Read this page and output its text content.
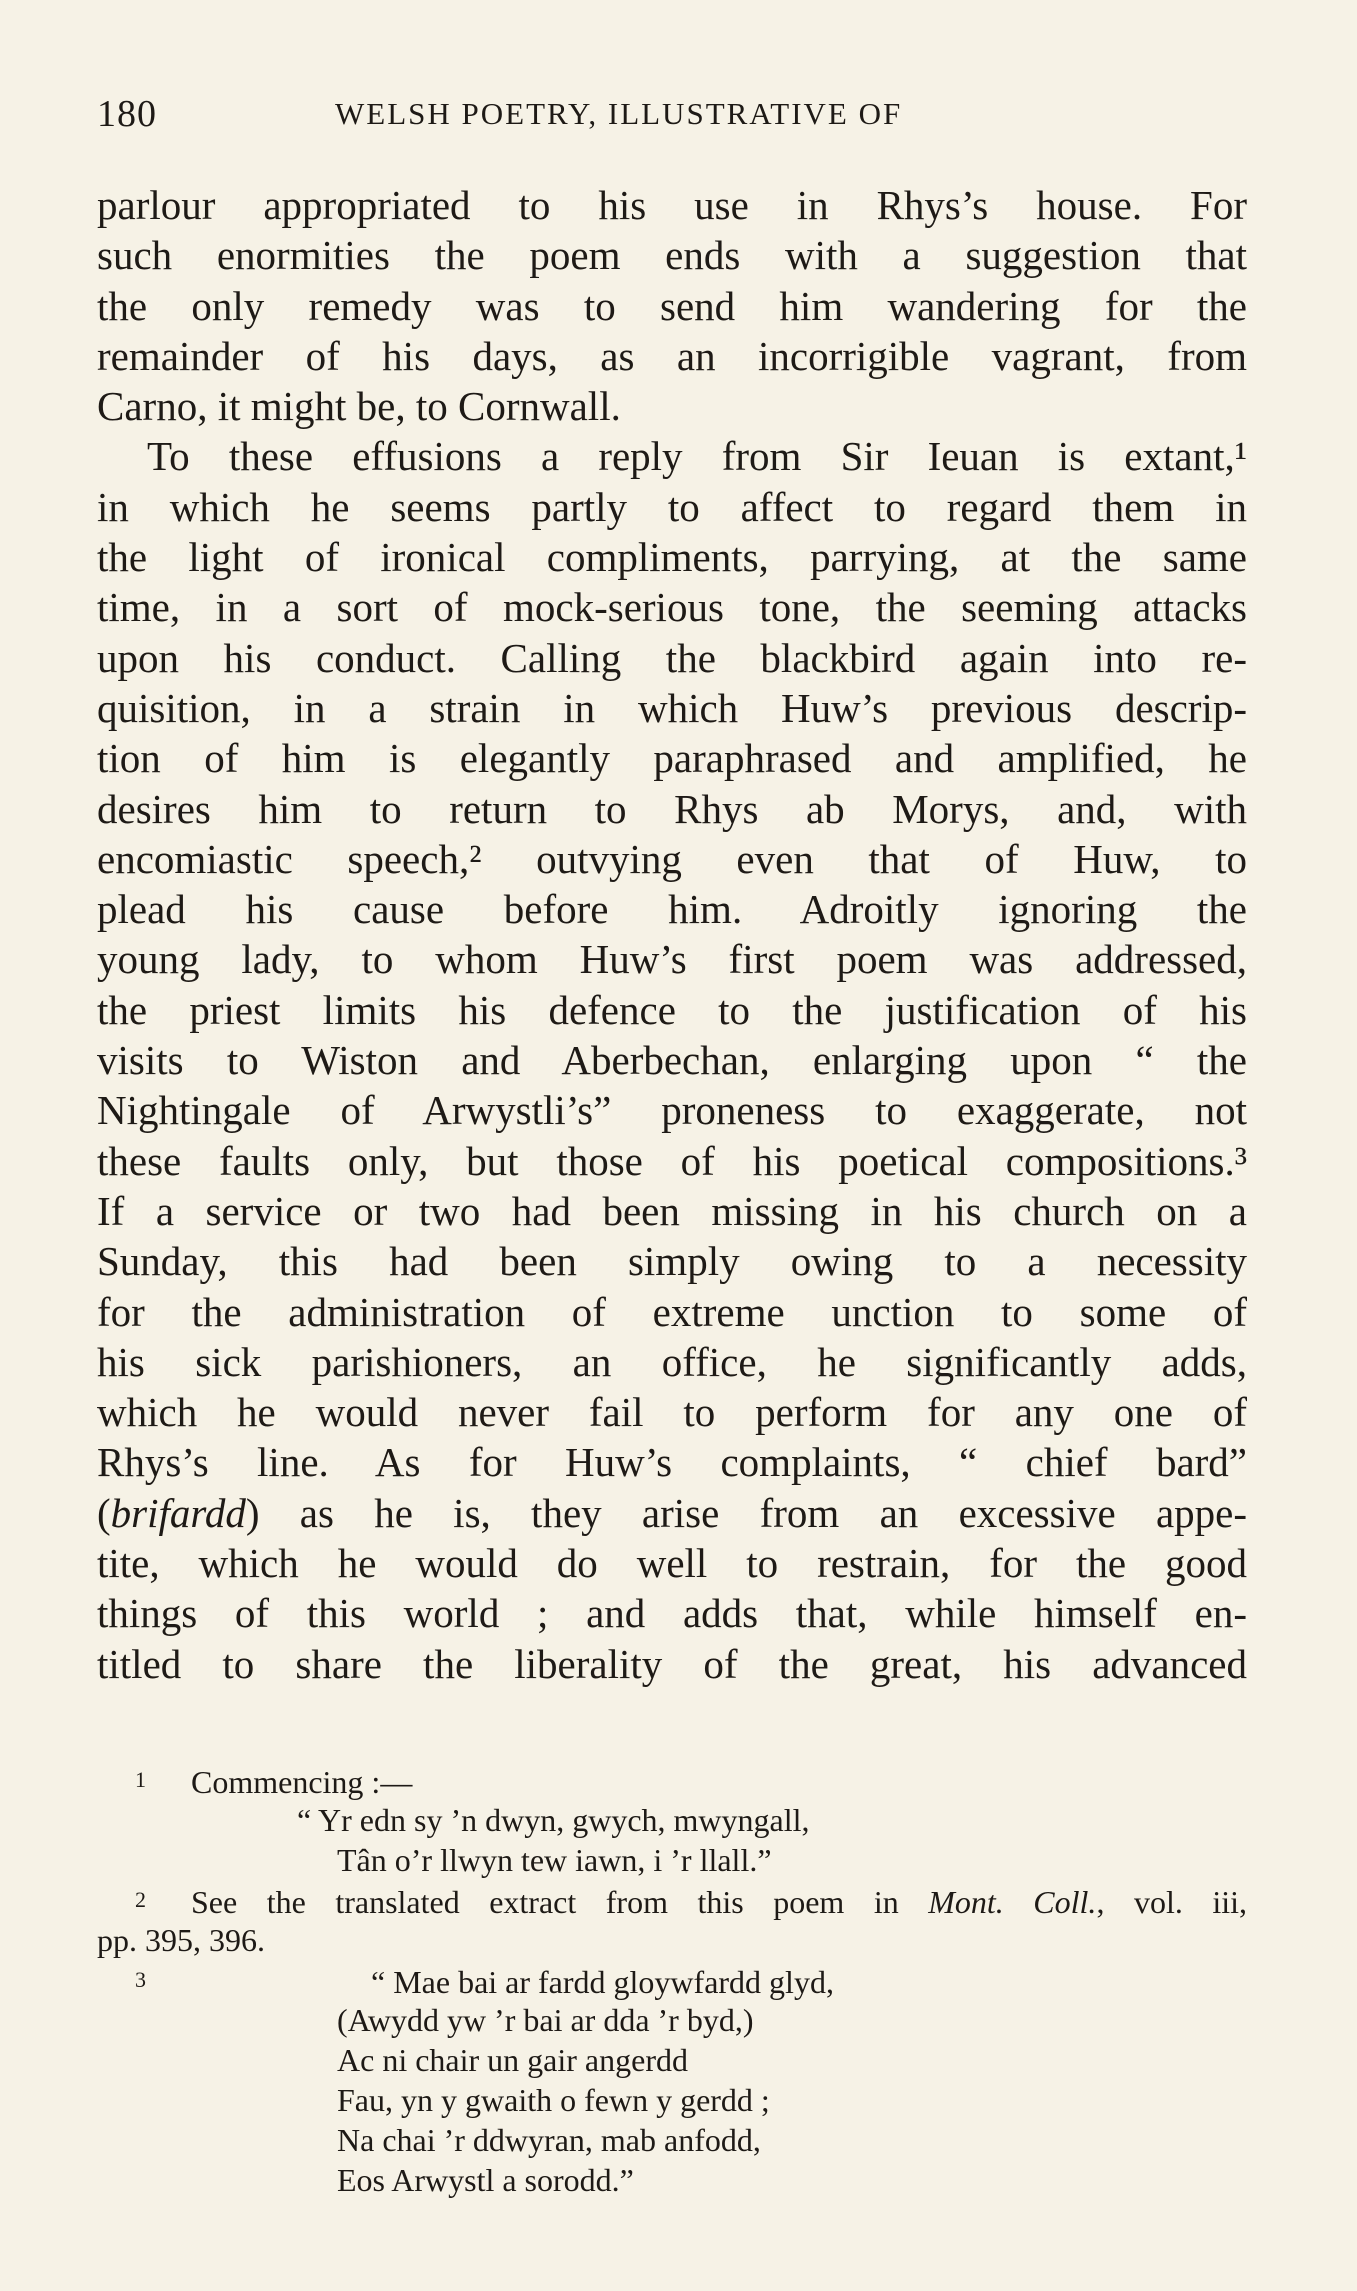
180	WELSH POETRY, ILLUSTRATIVE OF
parlour appropriated to his use in Rhys’s house. For
such enormities the poem ends with a suggestion that
the only remedy was to send him wandering for the
remainder of his days, as an incorrigible vagrant, from
Carno, it might be, to Cornwall.
To these effusions a reply from Sir Ieuan is extant,¹
in which he seems partly to affect to regard them in
the light of ironical compliments, parrying, at the same
time, in a sort of mock-serious tone, the seeming attacks
upon his conduct. Calling the blackbird again into re-
quisition, in a strain in which Huw’s previous descrip-
tion of him is elegantly paraphrased and amplified, he
desires him to return to Rhys ab Morys, and, with
encomiastic speech,² outvying even that of Huw, to
plead his cause before him. Adroitly ignoring the
young lady, to whom Huw’s first poem was addressed,
the priest limits his defence to the justification of his
visits to Wiston and Aberbechan, enlarging upon “ the
Nightingale of Arwystli’s” proneness to exaggerate, not
these faults only, but those of his poetical compositions.³
If a service or two had been missing in his church on a
Sunday, this had been simply owing to a necessity
for the administration of extreme unction to some of
his sick parishioners, an office, he significantly adds,
which he would never fail to perform for any one of
Rhys’s line. As for Huw’s complaints, “ chief bard”
(brifardd) as he is, they arise from an excessive appe-
tite, which he would do well to restrain, for the good
things of this world ; and adds that, while himself en-
titled to share the liberality of the great, his advanced
1 Commencing :—
“ Yr edn sy ’n dwyn, gwych, mwyngall,
Tân o’r llwyn tew iawn, i ’r llall.”
2 See the translated extract from this poem in Mont. Coll., vol. iii,
pp. 395, 396.
3	“ Mae bai ar fardd gloywfardd glyd,
(Awydd yw ’r bai ar dda ’r byd,)
Ac ni chair un gair angerdd
Fau, yn y gwaith o fewn y gerdd ;
Na chai ’r ddwyran, mab anfodd,
Eos Arwystl a sorodd.”
